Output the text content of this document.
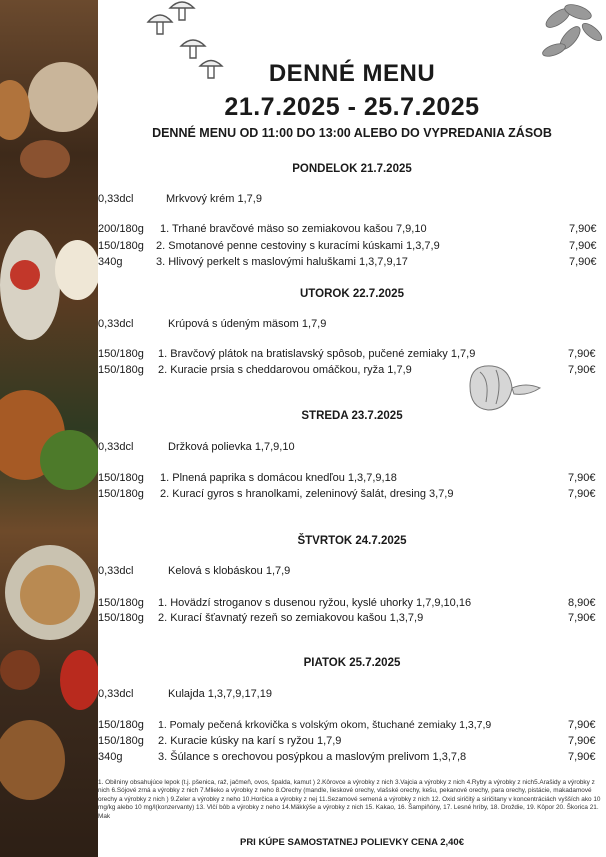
DENNÉ MENU
21.7.2025 - 25.7.2025
DENNÉ MENU OD 11:00 DO 13:00 ALEBO DO VYPREDANIA ZÁSOB
PONDELOK 21.7.2025
0,33dcl	Mrkvový krém 1,7,9
200/180g 1. Trhané bravčové mäso so zemiakovou kašou 7,9,10	7,90€
150/180g 2. Smotanové penne cestoviny s kuracími kúskami 1,3,7,9	7,90€
340g	3. Hlivový perkelt s maslovými haluškami 1,3,7,9,17	7,90€
UTOROK 22.7.2025
0,33dcl	Krúpová s údeným mäsom 1,7,9
150/180g 1. Bravčový plátok na bratislavský spôsob, pučené zemiaky 1,7,9	7,90€
150/180g 2. Kuracie prsia s cheddarovou omáčkou, ryža 1,7,9	7,90€
STREDA 23.7.2025
0,33dcl	Držková polievka 1,7,9,10
150/180g 1. Plnená paprika s domácou knedľou 1,3,7,9,18	7,90€
150/180g 2. Kurací gyros s hranolkami, zeleninový šalát, dresing 3,7,9	7,90€
ŠTVRTOK 24.7.2025
0,33dcl	Kelová s klobáskou 1,7,9
150/180g 1. Hovädzí stroganov s dusenou ryžou, kyslé uhorky 1,7,9,10,16	8,90€
150/180g 2. Kurací šťavnatý rezeň so zemiakovou kašou 1,3,7,9	7,90€
PIATOK 25.7.2025
0,33dcl	Kulajda 1,3,7,9,17,19
150/180g 1. Pomaly pečená krkovička s volským okom, štuchané zemiaky 1,3,7,9	7,90€
150/180g 2. Kuracie kúsky na karí s ryžou 1,7,9	7,90€
340g	3. Šúlance s orechovou posýpkou a maslovým prelivom 1,3,7,8	7,90€
1. Obilniny obsahujúce lepok (t.j. pšenica, raž, jačmeň, ovos, špalda, kamut ) 2.Kôrovce a výrobky z nich 3.Vajcia a výrobky z nich 4.Ryby a výrobky z nich5.Arašidy a výrobky z nich 6.Sójové zrná a výrobky z nich 7.Mlieko a výrobky z neho 8.Orechy (mandle, lieskové orechy, vlašské orechy, kešu, pekanové orechy, para orechy, pistácie, makadamové orechy a výrobky z nich ) 9.Zeler a výrobky z neho 10.Horčica a výrobky z nej 11.Sezamové semená a výrobky z nich 12. Oxid siričitý a siričitany v koncentráciách vyšších ako 10 mg/kg alebo 10 mg/l(konzervanty) 13. Vlčí bôb a výrobky z neho 14.Mäkkýše a výrobky z nich 15. Kakao, 16. Šampiňóny, 17. Lesné hríby, 18. Droždie, 19. Kôpor 20. Škorica 21. Mak
PRI KÚPE SAMOSTATNEJ POLIEVKY CENA 2,40€
